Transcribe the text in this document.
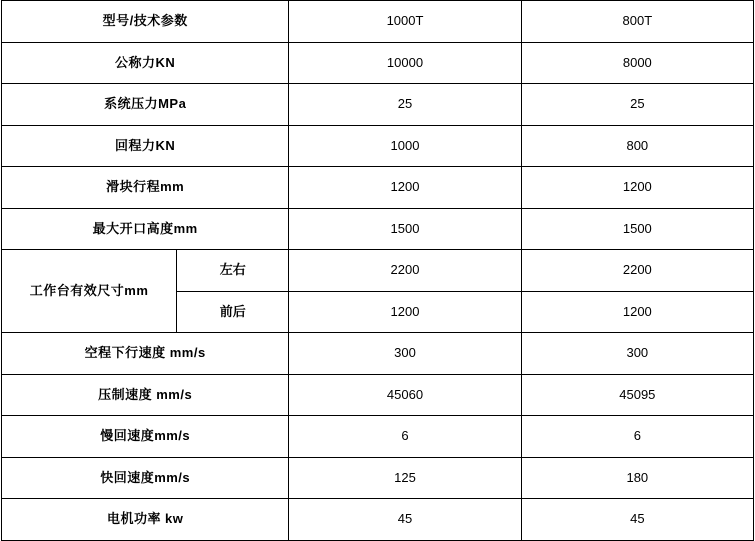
型号/技术参数		1000T	800T
公称力KN		10000	8000
系统压力MPa		25	25
回程力KN		1000	800
滑块行程mm		1200	1200
最大开口高度mm		1500	1500
工作台有效尺寸mm	左右	2200	2200
	前后	1200	1200
空程下行速度 mm/s		300	300
压制速度 mm/s		45060	45095
慢回速度mm/s		6	6
快回速度mm/s		125	180
电机功率 kw		45	45
